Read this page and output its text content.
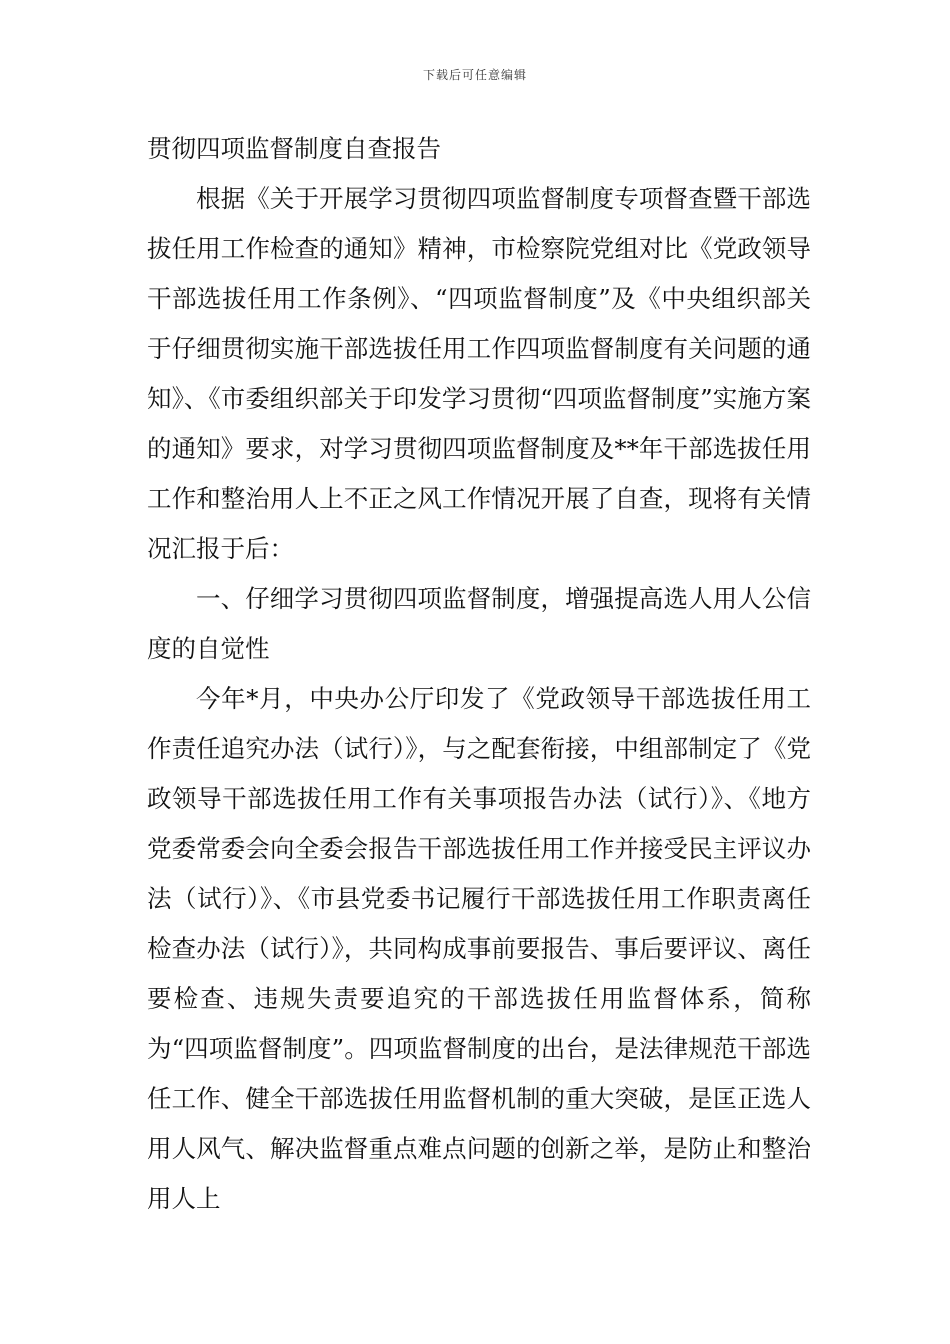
下载后可任意编辑
贯彻四项监督制度自查报告

根据《关于开展学习贯彻四项监督制度专项督查暨干部选拔任用工作检查的通知》精神，市检察院党组对比《党政领导干部选拔任用工作条例》、“四项监督制度”及《中央组织部关于仔细贯彻实施干部选拔任用工作四项监督制度有关问题的通知》、《市委组织部关于印发学习贯彻“四项监督制度”实施方案的通知》要求，对学习贯彻四项监督制度及**年干部选拔任用工作和整治用人上不正之风工作情况开展了自查，现将有关情况汇报于后：

一、仔细学习贯彻四项监督制度，增强提高选人用人公信度的自觉性

今年*月，中央办公厅印发了《党政领导干部选拔任用工作责任追究办法（试行）》，与之配套衔接，中组部制定了《党政领导干部选拔任用工作有关事项报告办法（试行）》、《地方党委常委会向全委会报告干部选拔任用工作并接受民主评议办法（试行）》、《市县党委书记履行干部选拔任用工作职责离任检查办法（试行）》，共同构成事前要报告、事后要评议、离任要检查、违规失责要追究的干部选拔任用监督体系，简称为“四项监督制度”。四项监督制度的出台，是法律规范干部选任工作、健全干部选拔任用监督机制的重大突破，是匡正选人用人风气、解决监督重点难点问题的创新之举，是防止和整治用人上
